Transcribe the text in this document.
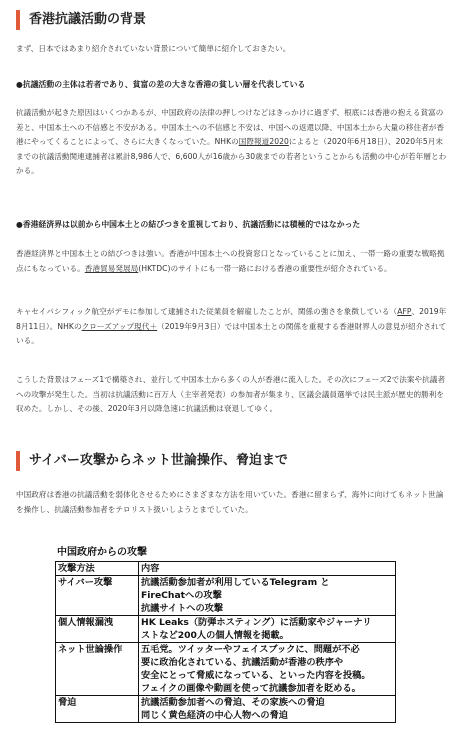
香港抗議活動の背景

まず、日本ではあまり紹介されていない背景について簡単に紹介しておきたい。

●抗議活動の主体は若者であり、貧富の差の大きな香港の貧しい層を代表している

抗議活動が起きた原因はいくつかあるが、中国政府の法律の押しつけなどはきっかけに過ぎず、根底には香港の抱える貧富の差と、中国本土への不信感と不安がある。中国本土への不信感と不安は、中国への返還以降、中国本土から大量の移住者が香港にやってくることによって、さらに大きくなっていた。NHKの国際報道2020によると（2020年6月18日）、2020年5月末までの抗議活動関連逮捕者は累計8,986人で、6,600人が16歳から30歳までの若者ということからも活動の中心が若年層とわかる。

●香港経済界は以前から中国本土との結びつきを重視しており、抗議活動には積極的ではなかった

香港経済界と中国本土との結びつきは強い。香港が中国本土への投資窓口となっていることに加え、一帯一路の重要な戦略拠点にもなっている。香港貿易発展局(HKTDC)のサイトにも一帯一路における香港の重要性が紹介されている。

キャセイパシフィック航空がデモに参加して逮捕された従業員を解雇したことが、関係の強さを象徴している（AFP、2019年8月11日）。NHKのクローズアップ現代＋（2019年9月3日）では中国本土との関係を重視する香港財界人の意見が紹介されている。

こうした背景はフェーズ1で構築され、並行して中国本土から多くの人が香港に流入した。その次にフェーズ2で法案や抗議者への攻撃が発生した。当初は抗議活動に百万人（主宰者発表）の参加者が集まり、区議会議員選挙では民主派が歴史的勝利を収めた。しかし、その後、2020年3月以降急速に抗議活動は衰退してゆく。

サイバー攻撃からネット世論操作、脅迫まで

中国政府は香港の抗議活動を弱体化させるためにさまざまな方法を用いていた。香港に留まらず、海外に向けてもネット世論を操作し、抗議活動参加者をテロリスト扱いしようとまでしていた。

中国政府からの攻撃
攻撃方法	内容
サイバー攻撃	抗議活動参加者が利用しているTelegram と
FireChatへの攻撃
抗議サイトへの攻撃

個人情報漏洩	HK Leaks（防弾ホスティング）に活動家やジャーナリ
ストなど200人の個人情報を掲載。

ネット世論操作	五毛党。ツイッターやフェイスブックに、問題が不必
要に政治化されている、抗議活動が香港の秩序や
安全にとって脅威になっている、といった内容を投稿。
フェイクの画像や動画を使って抗議参加者を貶める。

脅迫	抗議活動参加者への脅迫、その家族への脅迫
同じく黄色経済の中心人物への脅迫
